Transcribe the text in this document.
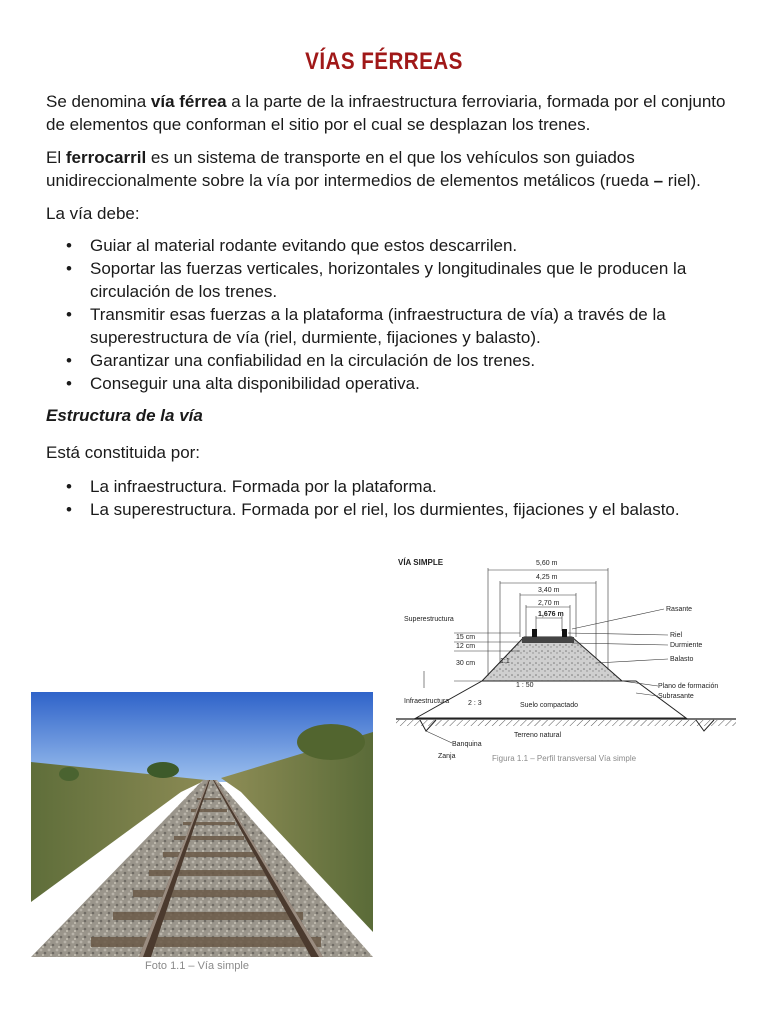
VÍAS FÉRREAS

Se denomina vía férrea a la parte de la infraestructura ferroviaria, formada por el conjunto de elementos que conforman el sitio por el cual se desplazan los trenes.

El ferrocarril es un sistema de transporte en el que los vehículos son guiados unidireccionalmente sobre la vía por intermedios de elementos metálicos (rueda – riel).

La vía debe:

• Guiar al material rodante evitando que estos descarrilen.
• Soportar las fuerzas verticales, horizontales y longitudinales que le producen la circulación de los trenes.
• Transmitir esas fuerzas a la plataforma (infraestructura de vía) a través de la superestructura de vía (riel, durmiente, fijaciones y balasto).
• Garantizar una confiabilidad en la circulación de los trenes.
• Conseguir una alta disponibilidad operativa.
Estructura de la vía

Está constituida por:

• La infraestructura. Formada por la plataforma.
• La superestructura. Formada por el riel, los durmientes, fijaciones y el balasto.
VÍA SIMPLE	5,60 m
4,25 m
3,40 m
2,70 m
1,676 m
Superestructura
15 cm
12 cm
30 cm
Infraestructura
Rasante
Riel
Durmiente
Balasto
Plano de formación
Subrasante
1:1
1 : 50
2 : 3	Suelo compactado
Terreno natural
Banquina
Zanja	Figura 1.1 – Perfil transversal Vía simple
Foto 1.1 – Vía simple
